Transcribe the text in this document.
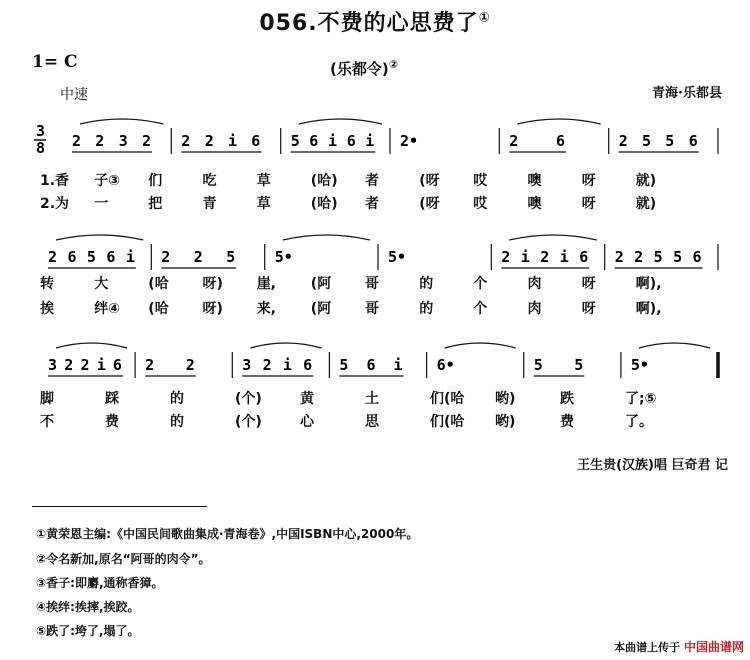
056.不费的心思费了①
1= C	(乐都令)②
中速	青海·乐都县
3
8 2 2 3 2 2 2 i 6 5 6 i 6 i 2•	2	6	2 5 5 6
1.香 子③ 们	吃	草	(哈) 者	(呀 哎	噢	呀	就)
2.为 一	把	青	草	(哈) 者	(呀 哎	噢	呀	就)
2 6 5 6 i 2 2 5	5•	5•	2 i 2 i 6 2 2 5 5 6
转	大	(哈 呀) 崖, (阿 哥	的	个	肉	呀	啊),
挨	绊④ (哈 呀) 来, (阿 哥	的	个	肉	呀	啊),
3 2 2 i 6 2 2	3 2 i 6 5 6 i 6•	5 5	5•
脚	踩	的	(个)	黄	土	们(哈 哟)	跌	了;⑤
不	费	的	(个)	心	思	们(哈 哟)	费	了。
王生贵(汉族)唱 巨奇君 记
①黄荣恩主编:《中国民间歌曲集成·青海卷》,中国ISBN中心,2000年。
②令名新加,原名“阿哥的肉令”。
③香子:即麝,通称香獐。
④挨绊:挨摔,挨跤。
⑤跌了:垮了,塌了。
本曲谱上传于 中国曲谱网
